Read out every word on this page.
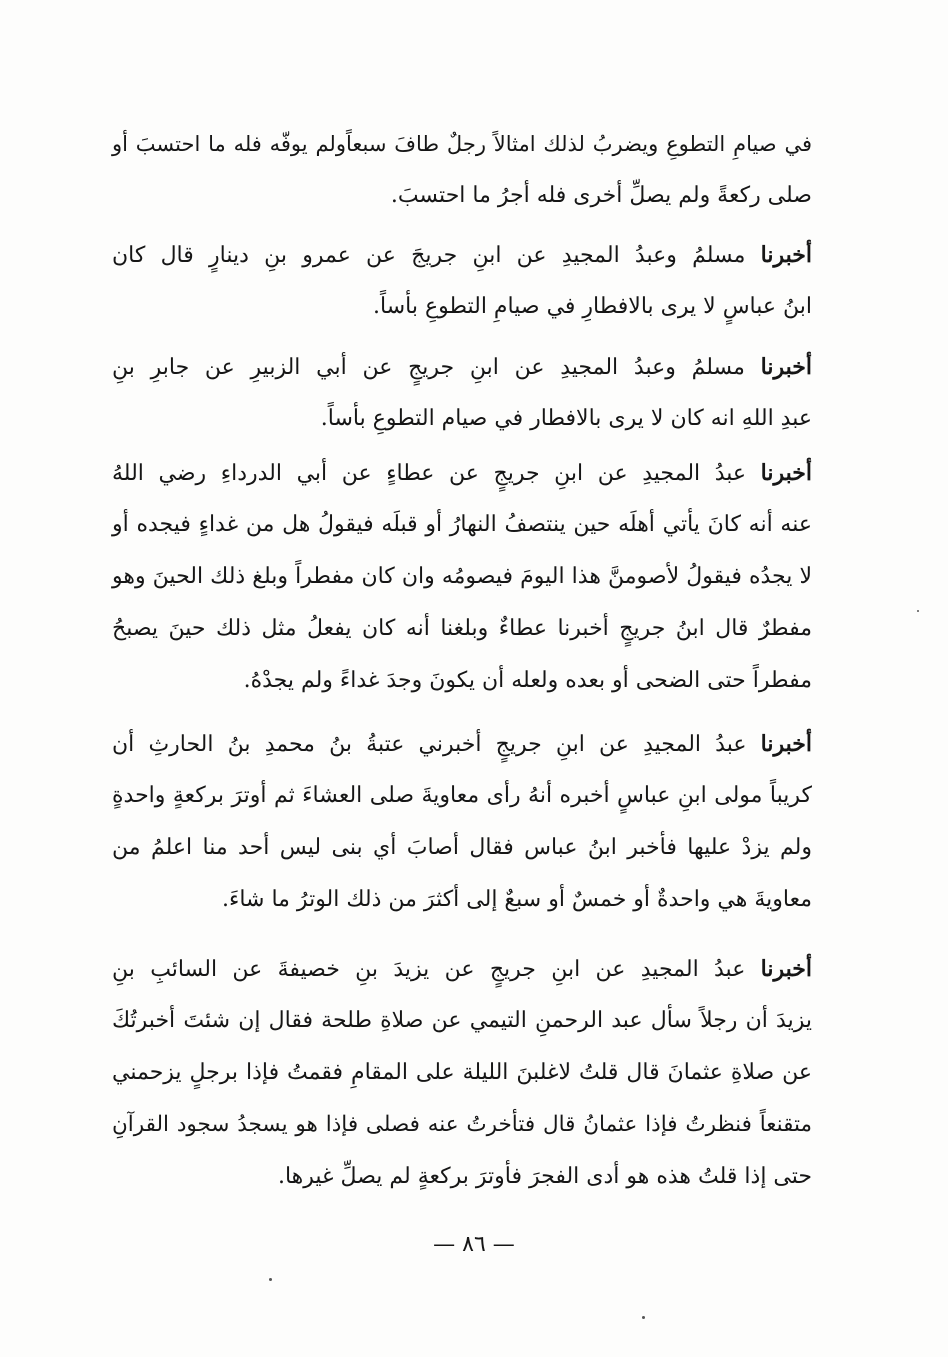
في صيامِ التطوعِ ويضربُ لذلك امثالاً رجلٌ طافَ سبعاًولم يوفّه فله ما احتسبَ أو
صلى ركعةً ولم يصلِّ أخرى فله أجرُ ما احتسبَ.
أخبرنا مسلمُ وعبدُ المجيدِ عن ابنِ جريجَ عن عمرو بنِ دينارٍ قال كان
ابنُ عباسٍ لا يرى بالافطارِ في صيامِ التطوعِ بأساً.
أخبرنا مسلمُ وعبدُ المجيدِ عن ابنِ جريجٍ عن أبي الزبيرِ عن جابرِ بنِ
عبدِ اللهِ انه كان لا يرى بالافطار في صيام التطوعِ بأساً.
أخبرنا عبدُ المجيدِ عن ابنِ جريجٍ عن عطاءٍ عن أبي الدرداءِ رضي اللهُ
عنه أنه كانَ يأتي أهلَه حين ينتصفُ النهارُ أو قبلَه فيقولُ هل من غداءٍ فيجده أو
لا يجدُه فيقولُ لأصومنَّ هذا اليومَ فيصومُه وان كان مفطراً وبلغ ذلك الحينَ وهو
مفطرٌ قال ابنُ جريجٍ أخبرنا عطاءٌ وبلغنا أنه كان يفعلُ مثل ذلك حينَ يصبحُ
مفطراً حتى الضحى أو بعده ولعله أن يكونَ وجدَ غداءً ولم يجدْهُ.
أخبرنا عبدُ المجيدِ عن ابنِ جريجٍ أخبرني عتبةُ بنُ محمدِ بنُ الحارثِ أن
كريباً مولى ابنِ عباسٍ أخبره أنهُ رأى معاويةَ صلى العشاءَ ثم أوترَ بركعةٍ واحدةٍ
ولم يزدْ عليها فأخبر ابنُ عباس فقال أصابَ أي بنى ليس أحد منا اعلمُ من
معاويةَ هي واحدةٌ أو خمسٌ أو سبعٌ إلى أكثرَ من ذلك الوترُ ما شاءَ.
أخبرنا عبدُ المجيدِ عن ابنِ جريجٍ عن يزيدَ بنِ خصيفةَ عن السائبِ بنِ
يزيدَ أن رجلاً سأل عبد الرحمنِ التيمي عن صلاةِ طلحة فقال إن شئتَ أخبرتُكَ
عن صلاةِ عثمانَ قال قلتُ لاغلبنَ الليلة على المقامِ فقمتُ فإذا برجلٍ يزحمني
متقنعاً فنظرتُ فإذا عثمانُ قال فتأخرتُ عنه فصلى فإذا هو يسجدُ سجود القرآنِ
حتى إذا قلتُ هذه هو أدى الفجرَ فأوترَ بركعةٍ لم يصلِّ غيرها.
— ٨٦ —
